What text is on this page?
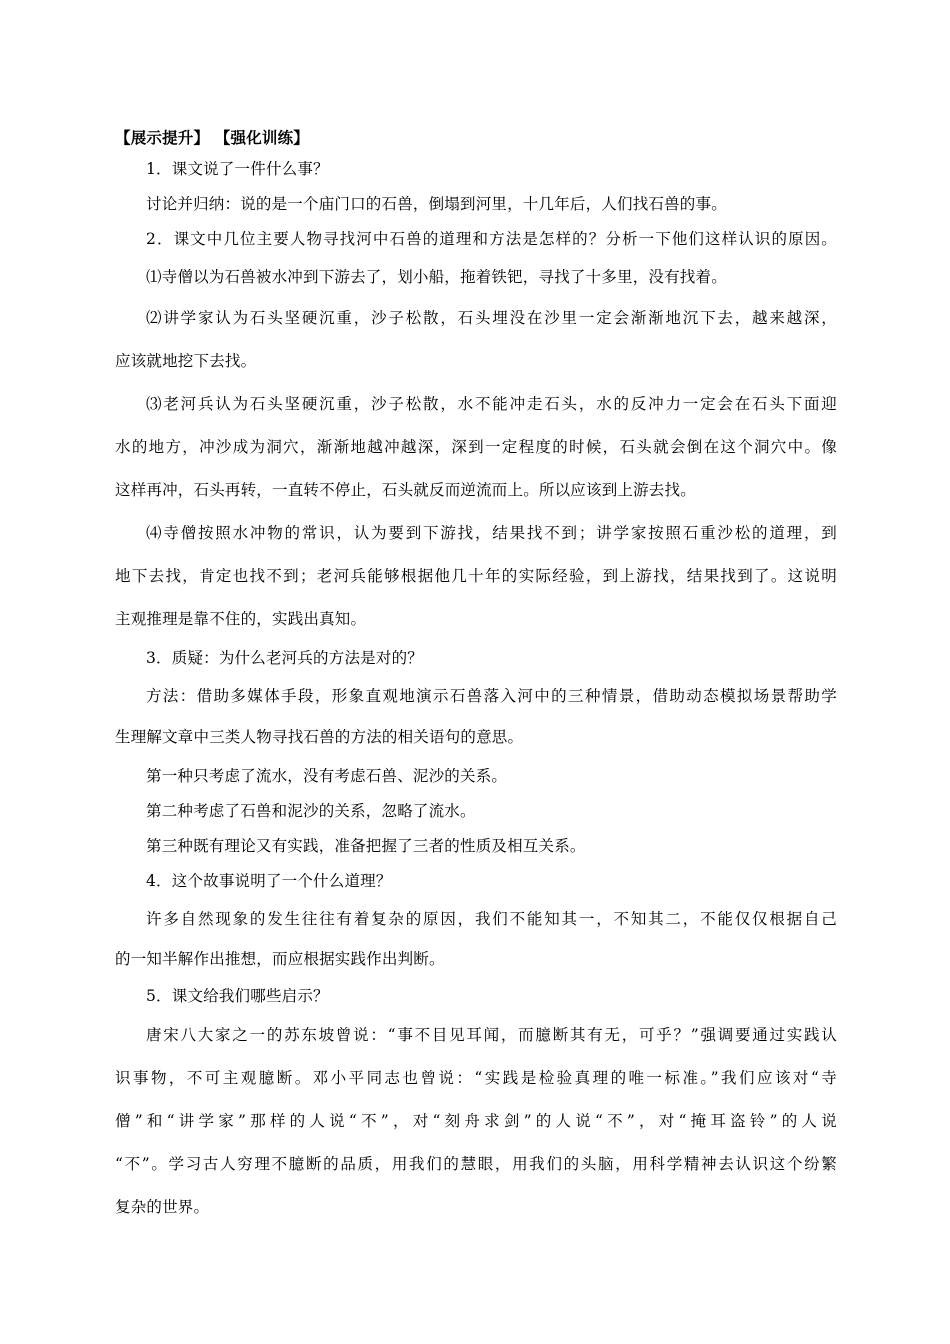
【展示提升】 【强化训练】
1．课文说了一件什么事？
讨论并归纳：说的是一个庙门口的石兽，倒塌到河里，十几年后，人们找石兽的事。
2．课文中几位主要人物寻找河中石兽的道理和方法是怎样的？分析一下他们这样认识的原因。
⑴寺僧以为石兽被水冲到下游去了，划小船，拖着铁钯，寻找了十多里，没有找着。
⑵讲学家认为石头坚硬沉重，沙子松散，石头埋没在沙里一定会渐渐地沉下去，越来越深，
应该就地挖下去找。
⑶老河兵认为石头坚硬沉重，沙子松散，水不能冲走石头，水的反冲力一定会在石头下面迎
水的地方，冲沙成为洞穴，渐渐地越冲越深，深到一定程度的时候，石头就会倒在这个洞穴中。像
这样再冲，石头再转，一直转不停止，石头就反而逆流而上。所以应该到上游去找。
⑷寺僧按照水冲物的常识，认为要到下游找，结果找不到；讲学家按照石重沙松的道理，到
地下去找，肯定也找不到；老河兵能够根据他几十年的实际经验，到上游找，结果找到了。这说明
主观推理是靠不住的，实践出真知。
3．质疑：为什么老河兵的方法是对的？
方法：借助多媒体手段，形象直观地演示石兽落入河中的三种情景，借助动态模拟场景帮助学
生理解文章中三类人物寻找石兽的方法的相关语句的意思。
第一种只考虑了流水，没有考虑石兽、泥沙的关系。
第二种考虑了石兽和泥沙的关系，忽略了流水。
第三种既有理论又有实践，准备把握了三者的性质及相互关系。
4．这个故事说明了一个什么道理？
许多自然现象的发生往往有着复杂的原因，我们不能知其一，不知其二，不能仅仅根据自己
的一知半解作出推想，而应根据实践作出判断。
5．课文给我们哪些启示？
唐宋八大家之一的苏东坡曾说：“事不目见耳闻，而臆断其有无，可乎？”强调要通过实践认
识事物，不可主观臆断。邓小平同志也曾说：“实践是检验真理的唯一标准。”我们应该对“寺
僧”和“讲学家”那样的人说“不”，对“刻舟求剑”的人说“不”，对“掩耳盗铃”的人说
“不”。学习古人穷理不臆断的品质，用我们的慧眼，用我们的头脑，用科学精神去认识这个纷繁
复杂的世界。
